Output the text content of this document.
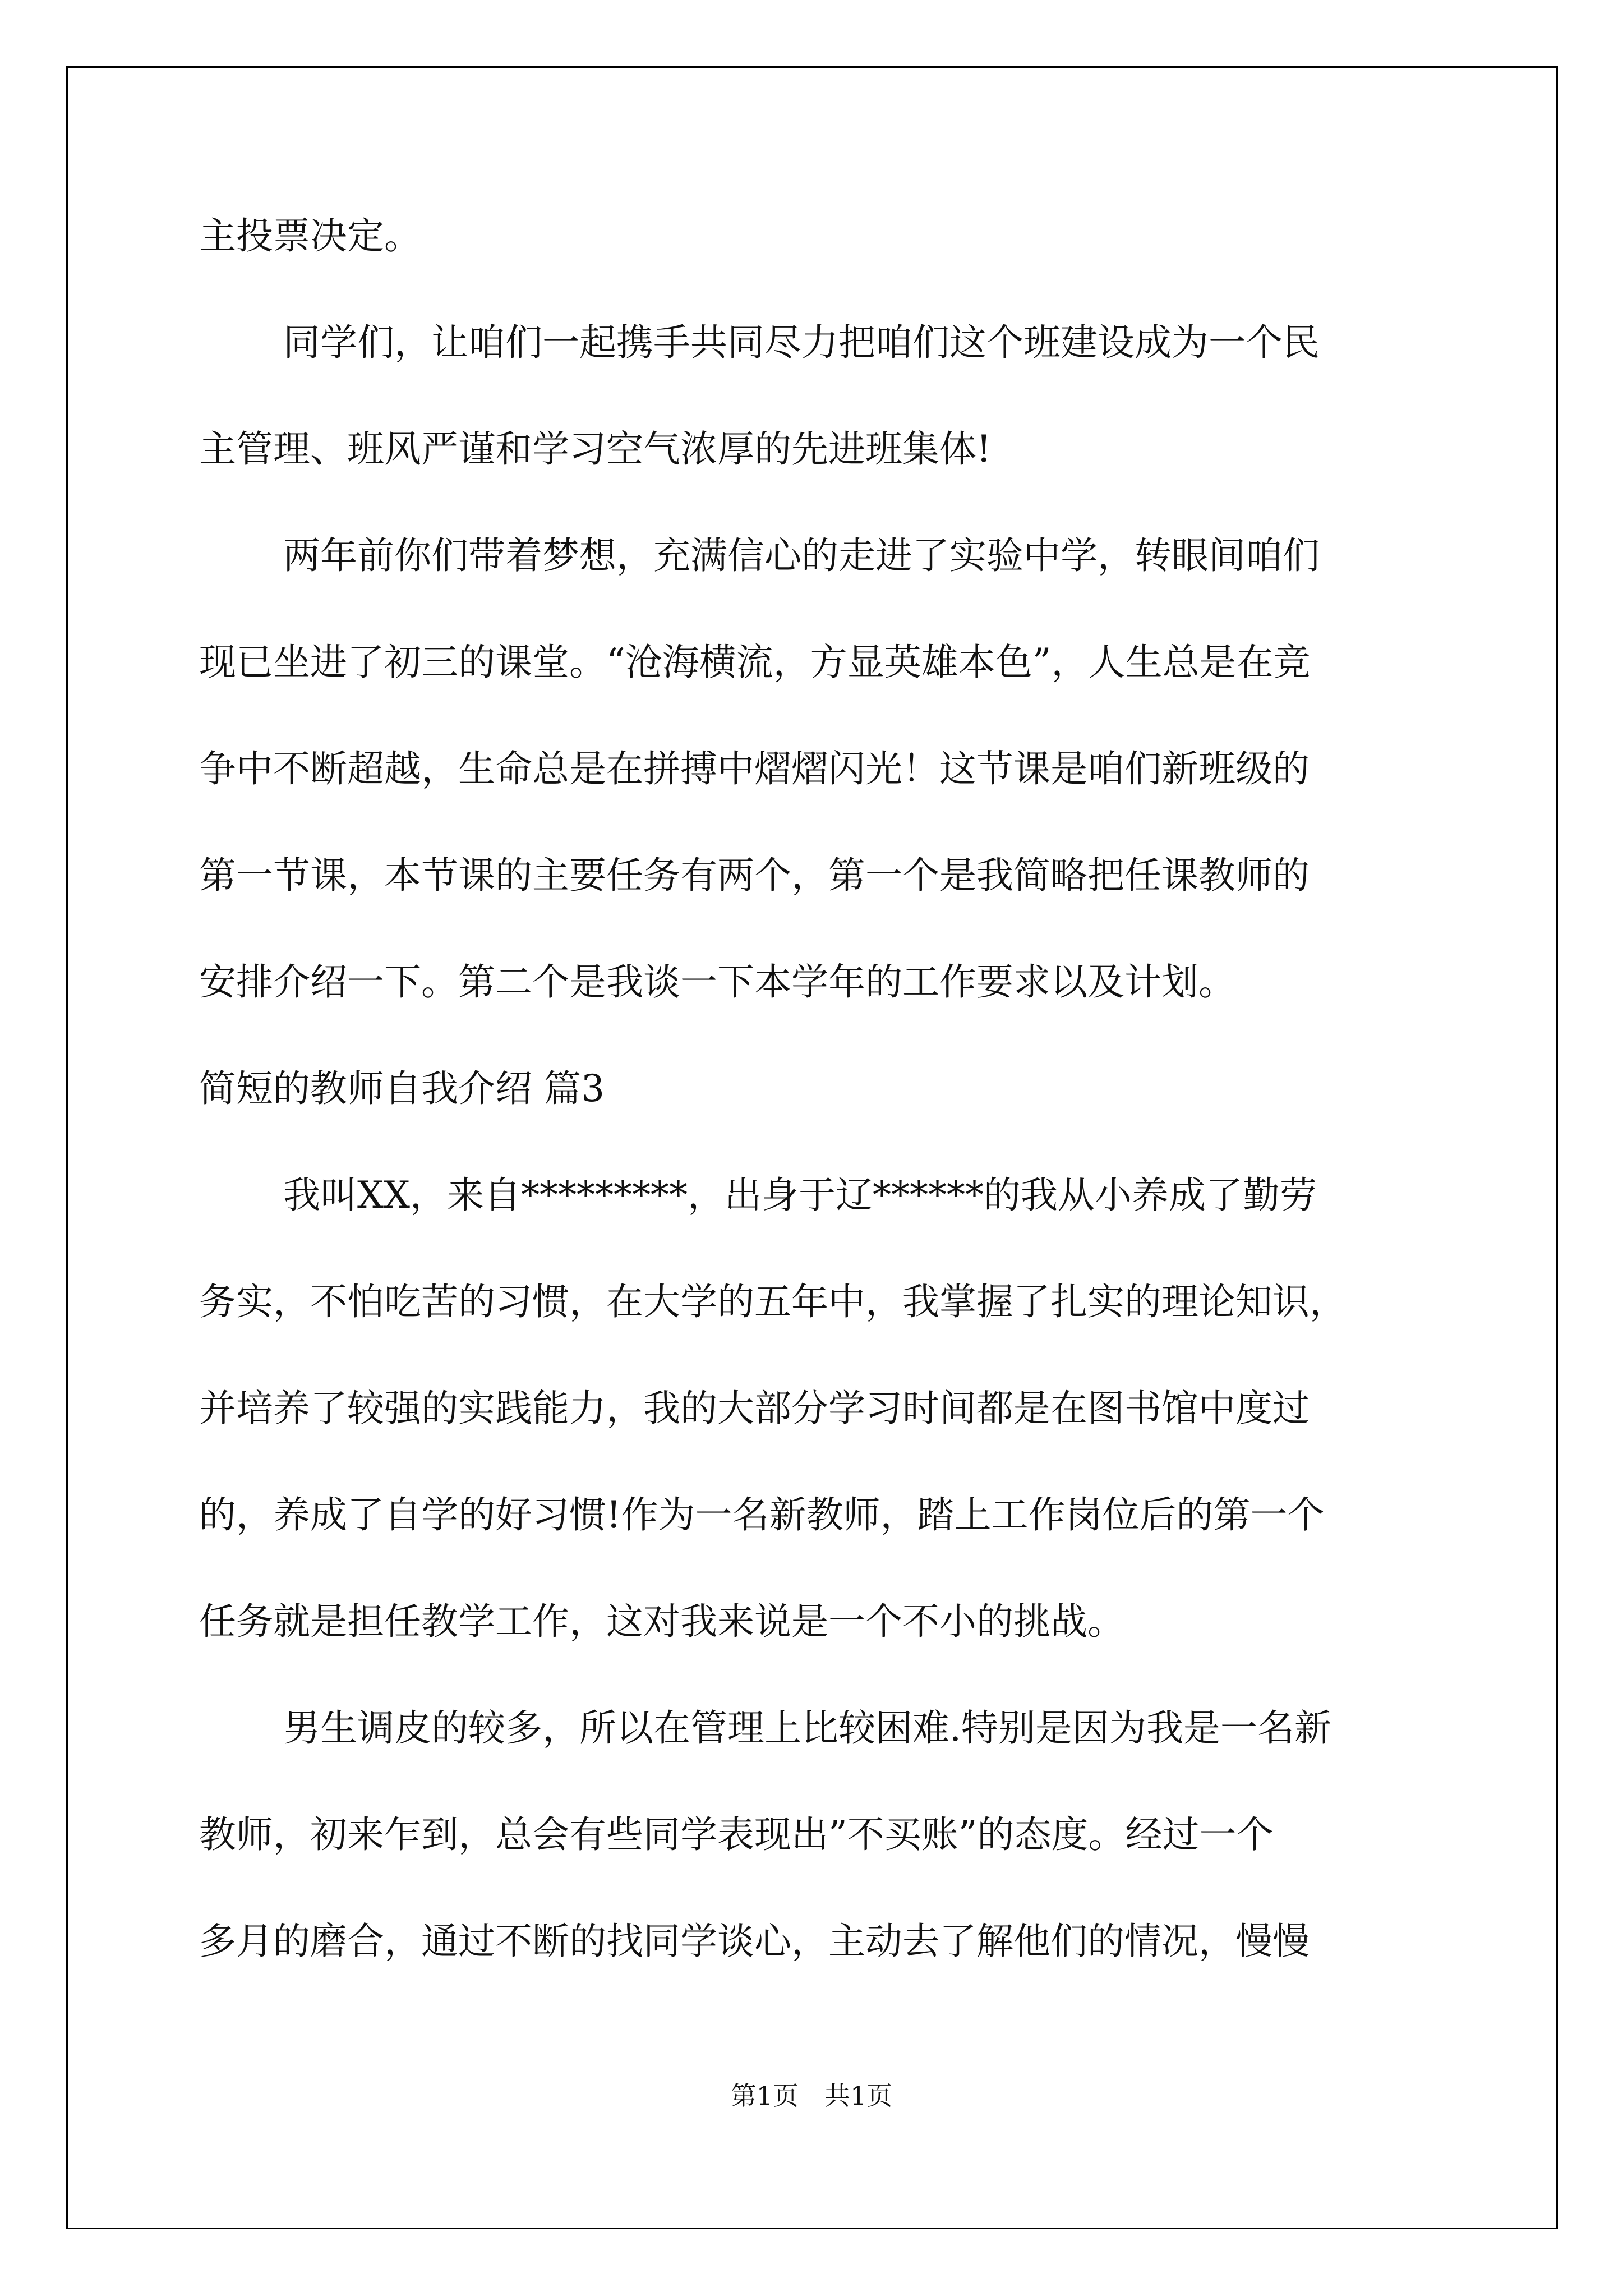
主投票决定。
同学们，让咱们一起携手共同尽力把咱们这个班建设成为一个民
主管理、班风严谨和学习空气浓厚的先进班集体!
两年前你们带着梦想，充满信心的走进了实验中学，转眼间咱们
现已坐进了初三的课堂。“沧海横流，方显英雄本色”，人生总是在竞
争中不断超越，生命总是在拼搏中熠熠闪光！这节课是咱们新班级的
第一节课，本节课的主要任务有两个，第一个是我简略把任课教师的
安排介绍一下。第二个是我谈一下本学年的工作要求以及计划。
简短的教师自我介绍 篇3
我叫XX，来自*********，出身于辽******的我从小养成了勤劳
务实，不怕吃苦的习惯，在大学的五年中，我掌握了扎实的理论知识，
并培养了较强的实践能力，我的大部分学习时间都是在图书馆中度过
的，养成了自学的好习惯!作为一名新教师，踏上工作岗位后的第一个
任务就是担任教学工作，这对我来说是一个不小的挑战。
男生调皮的较多，所以在管理上比较困难.特别是因为我是一名新
教师，初来乍到，总会有些同学表现出”不买账”的态度。经过一个
多月的磨合，通过不断的找同学谈心，主动去了解他们的情况，慢慢
第1页　共1页
